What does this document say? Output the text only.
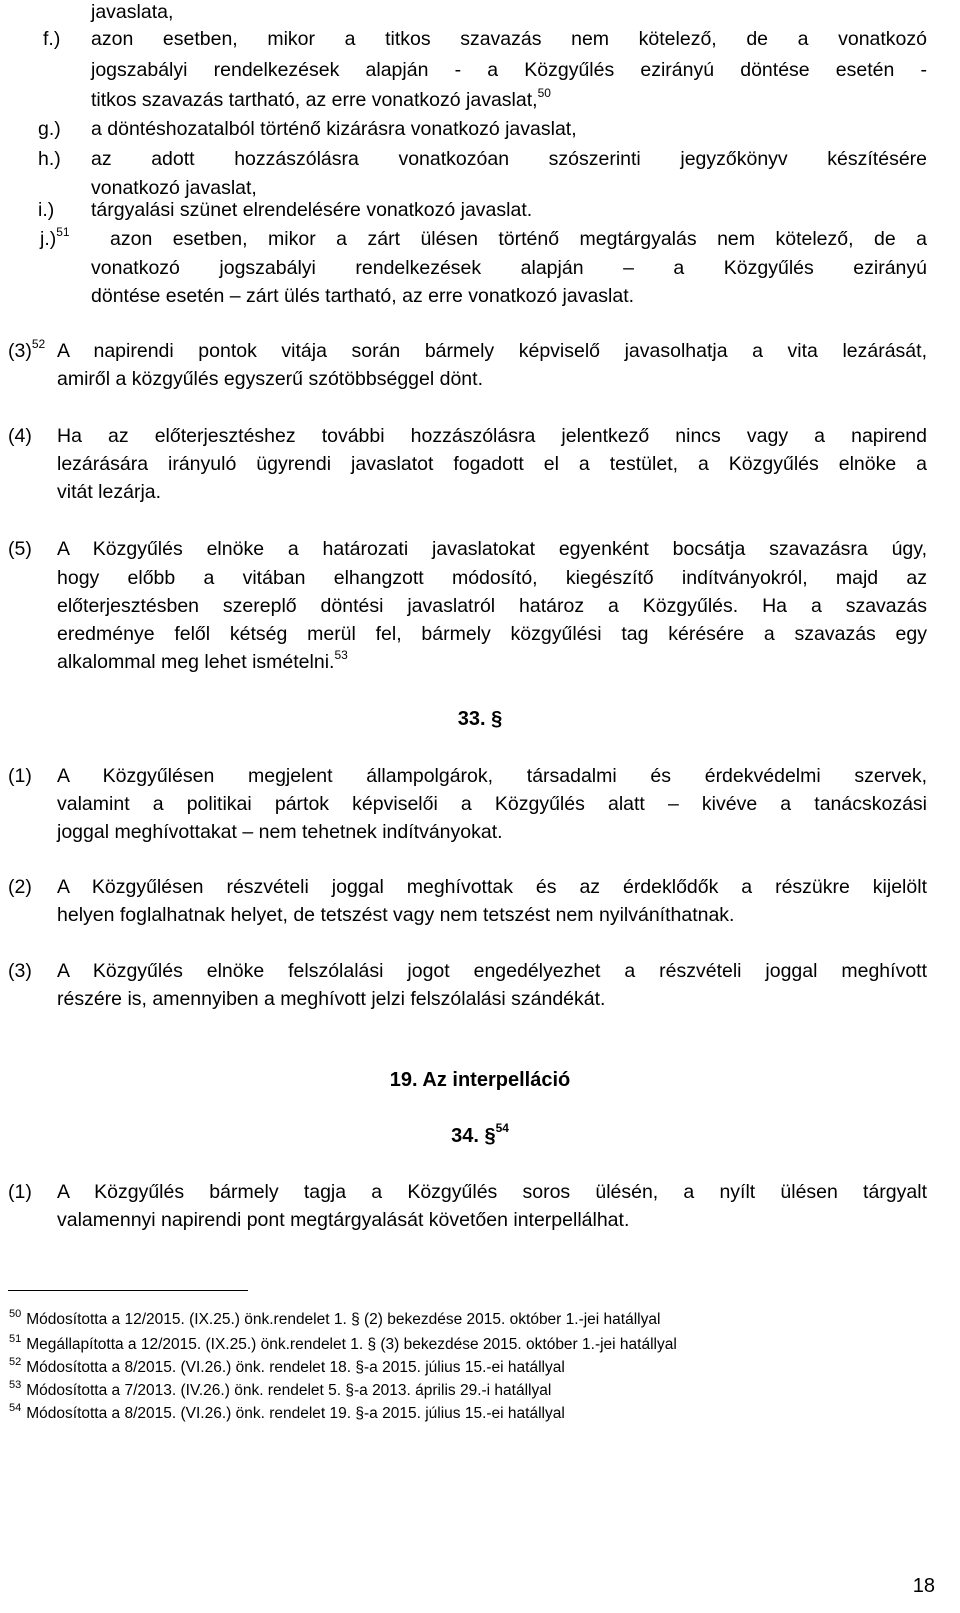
javaslata,
f.) azon esetben, mikor a titkos szavazás nem kötelező, de a vonatkozó
jogszabályi rendelkezések alapján - a Közgyűlés ezirányú döntése esetén -
titkos szavazás tartható, az erre vonatkozó javaslat,$^{50}$
g.) a döntéshozatalból történő kizárásra vonatkozó javaslat,
h.) az adott hozzászólásra vonatkozóan szószerinti jegyzőkönyv készítésére
vonatkozó javaslat,
i.) tárgyalási szünet elrendelésére vonatkozó javaslat.
j.)$^{51}$ azon esetben, mikor a zárt ülésen történő megtárgyalás nem kötelező, de a
vonatkozó jogszabályi rendelkezések alapján – a Közgyűlés ezirányú
döntése esetén – zárt ülés tartható, az erre vonatkozó javaslat.
$(3)^{52}$ A napirendi pontok vitája során bármely képviselő javasolhatja a vita lezárását,
amiről a közgyűlés egyszerű szótöbbséggel dönt.
(4) Ha az előterjesztéshez további hozzászólásra jelentkező nincs vagy a napirend
lezárására irányuló ügyrendi javaslatot fogadott el a testület, a Közgyűlés elnöke a
vitát lezárja.
(5) A Közgyűlés elnöke a határozati javaslatokat egyenként bocsátja szavazásra úgy,
hogy előbb a vitában elhangzott módosító, kiegészítő indítványokról, majd az
előterjesztésben szereplő döntési javaslatról határoz a Közgyűlés. Ha a szavazás
eredménye felől kétség merül fel, bármely közgyűlési tag kérésére a szavazás egy
alkalommal meg lehet ismételni.$^{53}$
33. §
(1) A Közgyűlésen megjelent állampolgárok, társadalmi és érdekvédelmi szervek,
valamint a politikai pártok képviselői a Közgyűlés alatt – kivéve a tanácskozási
joggal meghívottakat – nem tehetnek indítványokat.
(2) A Közgyűlésen részvételi joggal meghívottak és az érdeklődők a részükre kijelölt
helyen foglalhatnak helyet, de tetszést vagy nem tetszést nem nyilváníthatnak.
(3) A Közgyűlés elnöke felszólalási jogot engedélyezhet a részvételi joggal meghívott
részére is, amennyiben a meghívott jelzi felszólalási szándékát.
19. Az interpelláció
34. §$^{54}$
(1) A Közgyűlés bármely tagja a Közgyűlés soros ülésén, a nyílt ülésen tárgyalt
valamennyi napirendi pont megtárgyalását követően interpellálhat.
$^{50}$ Módosította a 12/2015. (IX.25.) önk.rendelet 1. § (2) bekezdése 2015. október 1.-jei hatállyal
$^{51}$ Megállapította a 12/2015. (IX.25.) önk.rendelet 1. § (3) bekezdése 2015. október 1.-jei hatállyal
$^{52}$ Módosította a 8/2015. (VI.26.) önk. rendelet 18. §-a 2015. július 15.-ei hatállyal
$^{53}$ Módosította a 7/2013. (IV.26.) önk. rendelet 5. §-a 2013. április 29.-i hatállyal
$^{54}$ Módosította a 8/2015. (VI.26.) önk. rendelet 19. §-a 2015. július 15.-ei hatállyal
18
